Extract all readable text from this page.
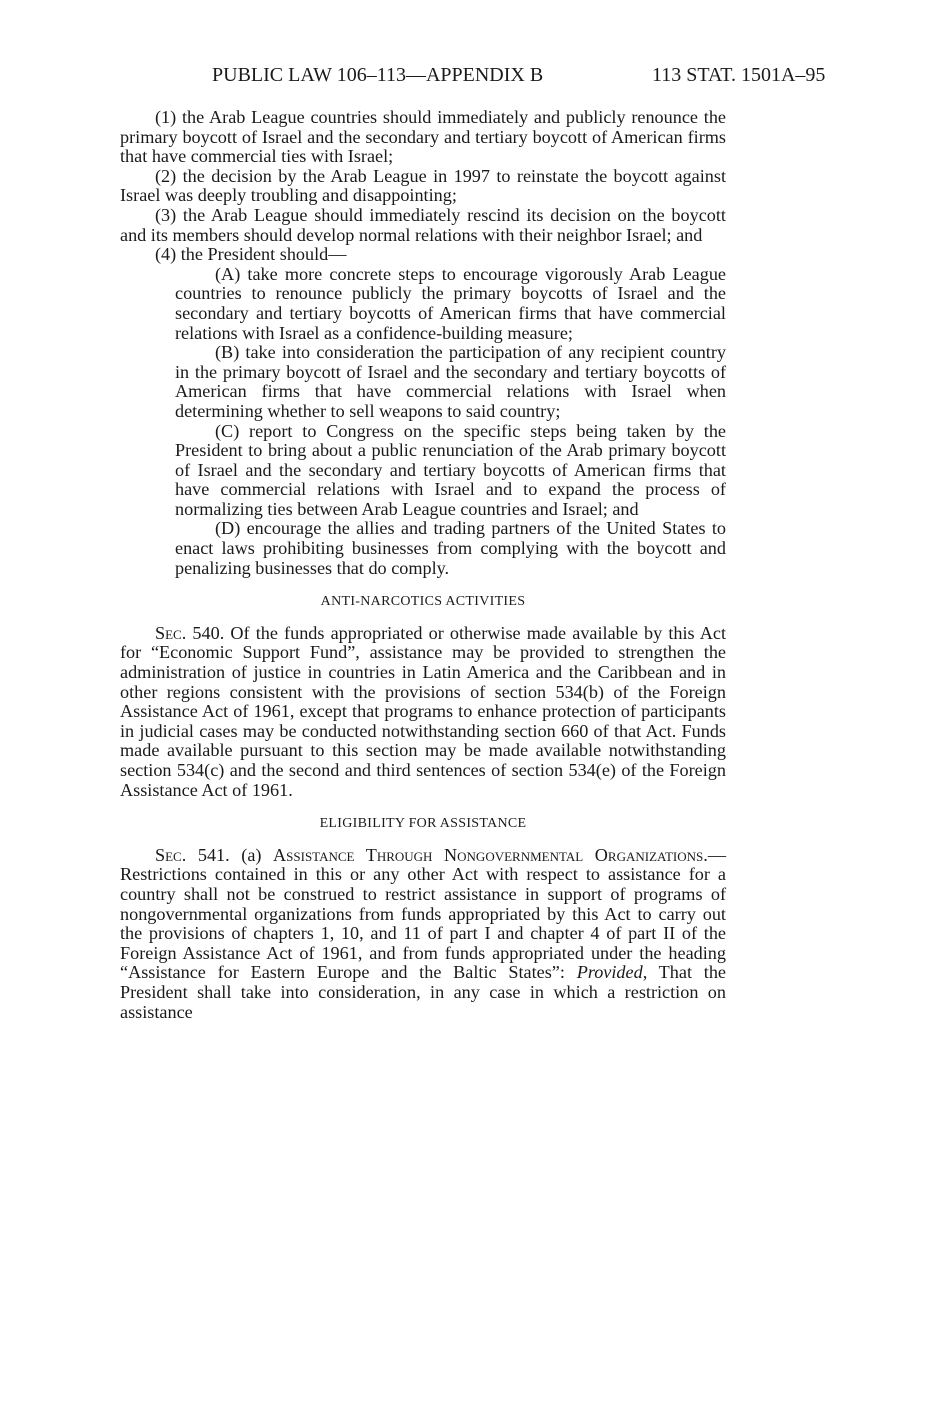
PUBLIC LAW 106–113—APPENDIX B	113 STAT. 1501A–95

(1) the Arab League countries should immediately and publicly renounce the primary boycott of Israel and the secondary and tertiary boycott of American firms that have commercial ties with Israel;

(2) the decision by the Arab League in 1997 to reinstate the boycott against Israel was deeply troubling and disappointing;

(3) the Arab League should immediately rescind its decision on the boycott and its members should develop normal relations with their neighbor Israel; and

(4) the President should—

(A) take more concrete steps to encourage vigorously Arab League countries to renounce publicly the primary boycotts of Israel and the secondary and tertiary boycotts of American firms that have commercial relations with Israel as a confidence-building measure;

(B) take into consideration the participation of any recipient country in the primary boycott of Israel and the secondary and tertiary boycotts of American firms that have commercial relations with Israel when determining whether to sell weapons to said country;

(C) report to Congress on the specific steps being taken by the President to bring about a public renunciation of the Arab primary boycott of Israel and the secondary and tertiary boycotts of American firms that have commercial relations with Israel and to expand the process of normalizing ties between Arab League countries and Israel; and

(D) encourage the allies and trading partners of the United States to enact laws prohibiting businesses from complying with the boycott and penalizing businesses that do comply.

ANTI-NARCOTICS ACTIVITIES

Sec. 540. Of the funds appropriated or otherwise made available by this Act for “Economic Support Fund”, assistance may be provided to strengthen the administration of justice in countries in Latin America and the Caribbean and in other regions consistent with the provisions of section 534(b) of the Foreign Assistance Act of 1961, except that programs to enhance protection of participants in judicial cases may be conducted notwithstanding section 660 of that Act. Funds made available pursuant to this section may be made available notwithstanding section 534(c) and the second and third sentences of section 534(e) of the Foreign Assistance Act of 1961.

ELIGIBILITY FOR ASSISTANCE

Sec. 541. (a) Assistance Through Nongovernmental Organizations.—Restrictions contained in this or any other Act with respect to assistance for a country shall not be construed to restrict assistance in support of programs of nongovernmental organizations from funds appropriated by this Act to carry out the provisions of chapters 1, 10, and 11 of part I and chapter 4 of part II of the Foreign Assistance Act of 1961, and from funds appropriated under the heading “Assistance for Eastern Europe and the Baltic States”: Provided, That the President shall take into consideration, in any case in which a restriction on assistance
